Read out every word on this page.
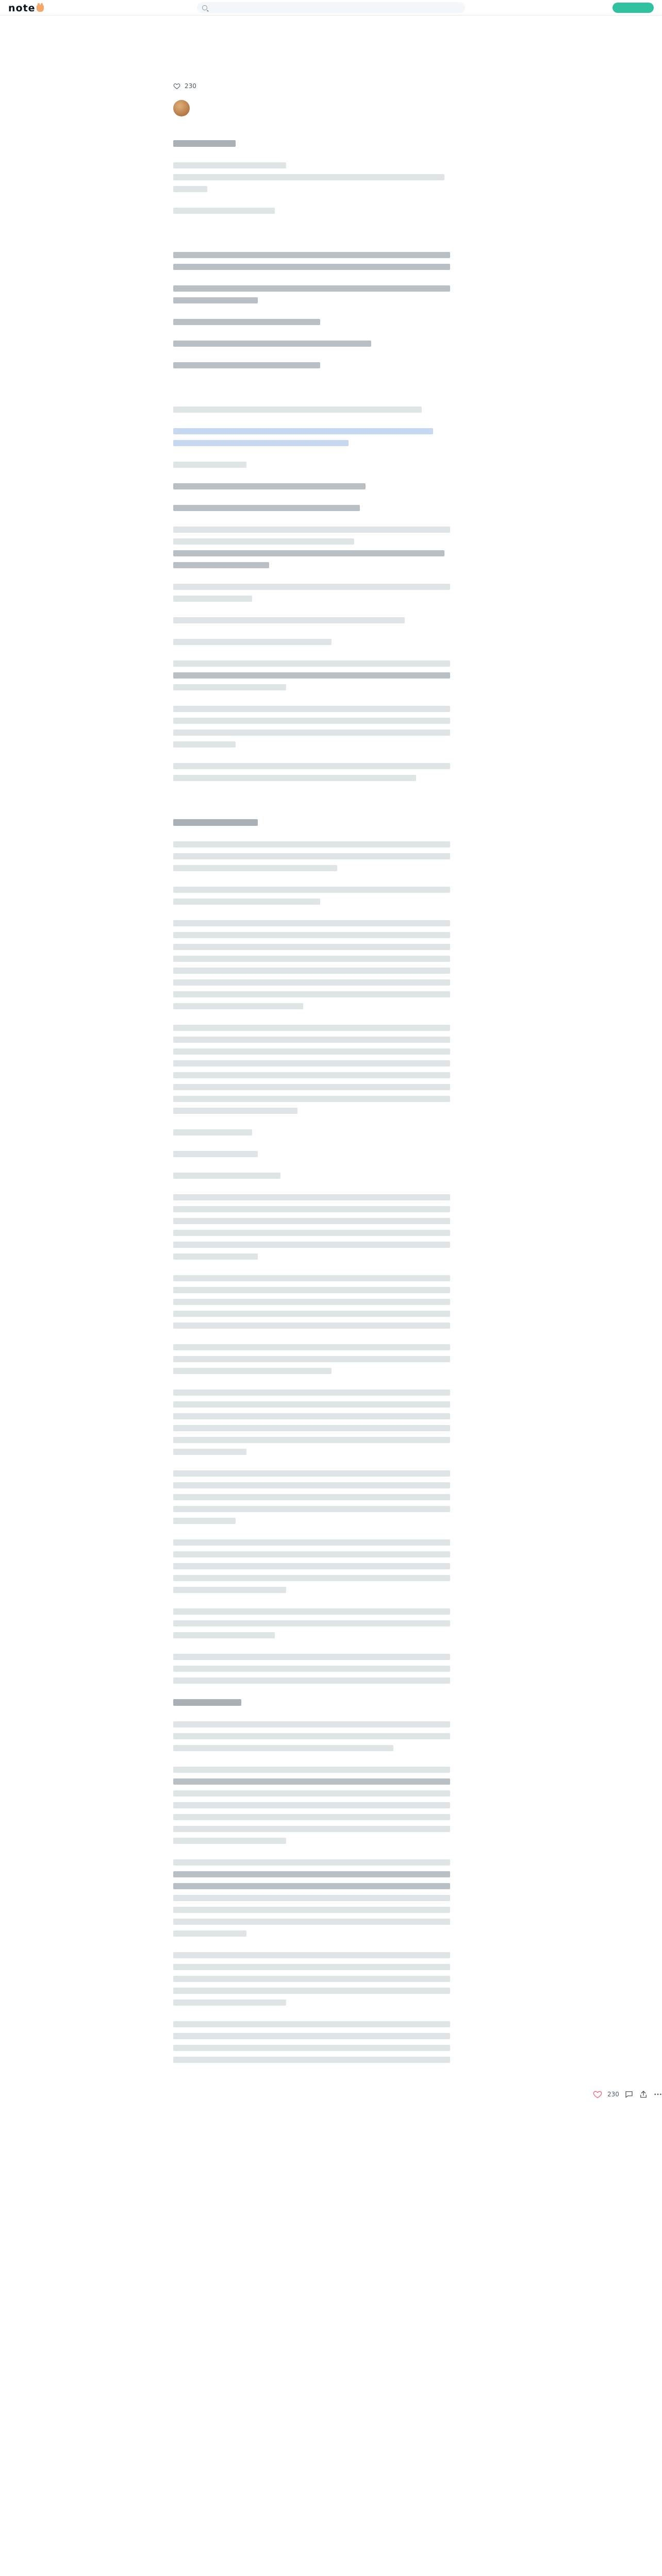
note
230
230
